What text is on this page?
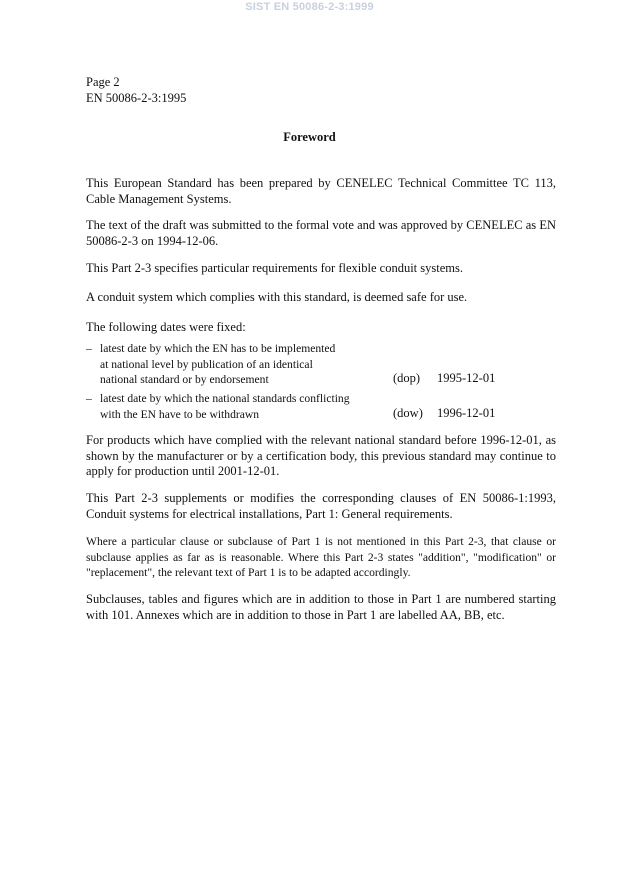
SIST EN 50086-2-3:1999
Page 2
EN 50086-2-3:1995
Foreword

This European Standard has been prepared by CENELEC Technical Committee TC 113, Cable Management Systems.

The text of the draft was submitted to the formal vote and was approved by CENELEC as EN 50086-2-3 on 1994-12-06.

This Part 2-3 specifies particular requirements for flexible conduit systems.

A conduit system which complies with this standard, is deemed safe for use.

The following dates were fixed:

– latest date by which the EN has to be implemented
at national level by publication of an identical
national standard or by endorsement	(dop) 1995-12-01
– latest date by which the national standards conflicting
with the EN have to be withdrawn	(dow) 1996-12-01

For products which have complied with the relevant national standard before 1996-12-01, as shown by the manufacturer or by a certification body, this previous standard may continue to apply for production until 2001-12-01.

This Part 2-3 supplements or modifies the corresponding clauses of EN 50086-1:1993, Conduit systems for electrical installations, Part 1: General requirements.

Where a particular clause or subclause of Part 1 is not mentioned in this Part 2-3, that clause or subclause applies as far as is reasonable. Where this Part 2-3 states "addition", "modification" or "replacement", the relevant text of Part 1 is to be adapted accordingly.

Subclauses, tables and figures which are in addition to those in Part 1 are numbered starting with 101. Annexes which are in addition to those in Part 1 are labelled AA, BB, etc.
